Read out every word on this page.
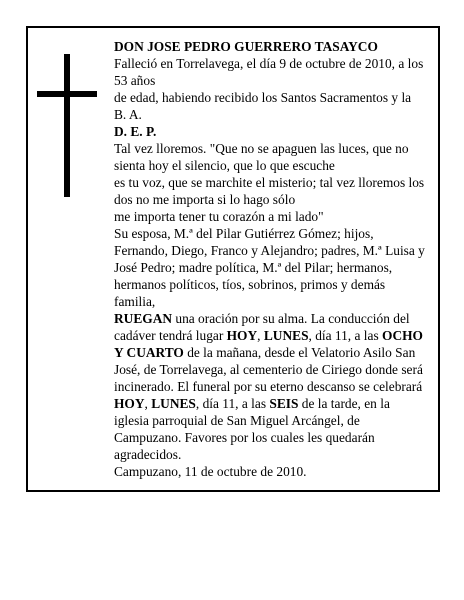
DON JOSE PEDRO GUERRERO TASAYCO

Falleció en Torrelavega, el día 9 de octubre de 2010, a los 53 años

de edad, habiendo recibido los Santos Sacramentos y la B. A.

D. E. P.

Tal vez lloremos. "Que no se apaguen las luces, que no sienta hoy el silencio, que lo que escuche

es tu voz, que se marchite el misterio; tal vez lloremos los dos no me importa si lo hago sólo

me importa tener tu corazón a mi lado"

Su esposa, M.ª del Pilar Gutiérrez Gómez; hijos, Fernando, Diego, Franco y Alejandro; padres, M.ª Luisa y José Pedro; madre política, M.ª del Pilar; hermanos, hermanos políticos, tíos, sobrinos, primos y demás familia,

RUEGAN una oración por su alma. La conducción del cadáver tendrá lugar HOY, LUNES, día 11, a las OCHO Y CUARTO de la mañana, desde el Velatorio Asilo San José, de Torrelavega, al cementerio de Ciriego donde será incinerado. El funeral por su eterno descanso se celebrará HOY, LUNES, día 11, a las SEIS de la tarde, en la iglesia parroquial de San Miguel Arcángel, de Campuzano. Favores por los cuales les quedarán agradecidos.

Campuzano, 11 de octubre de 2010.
